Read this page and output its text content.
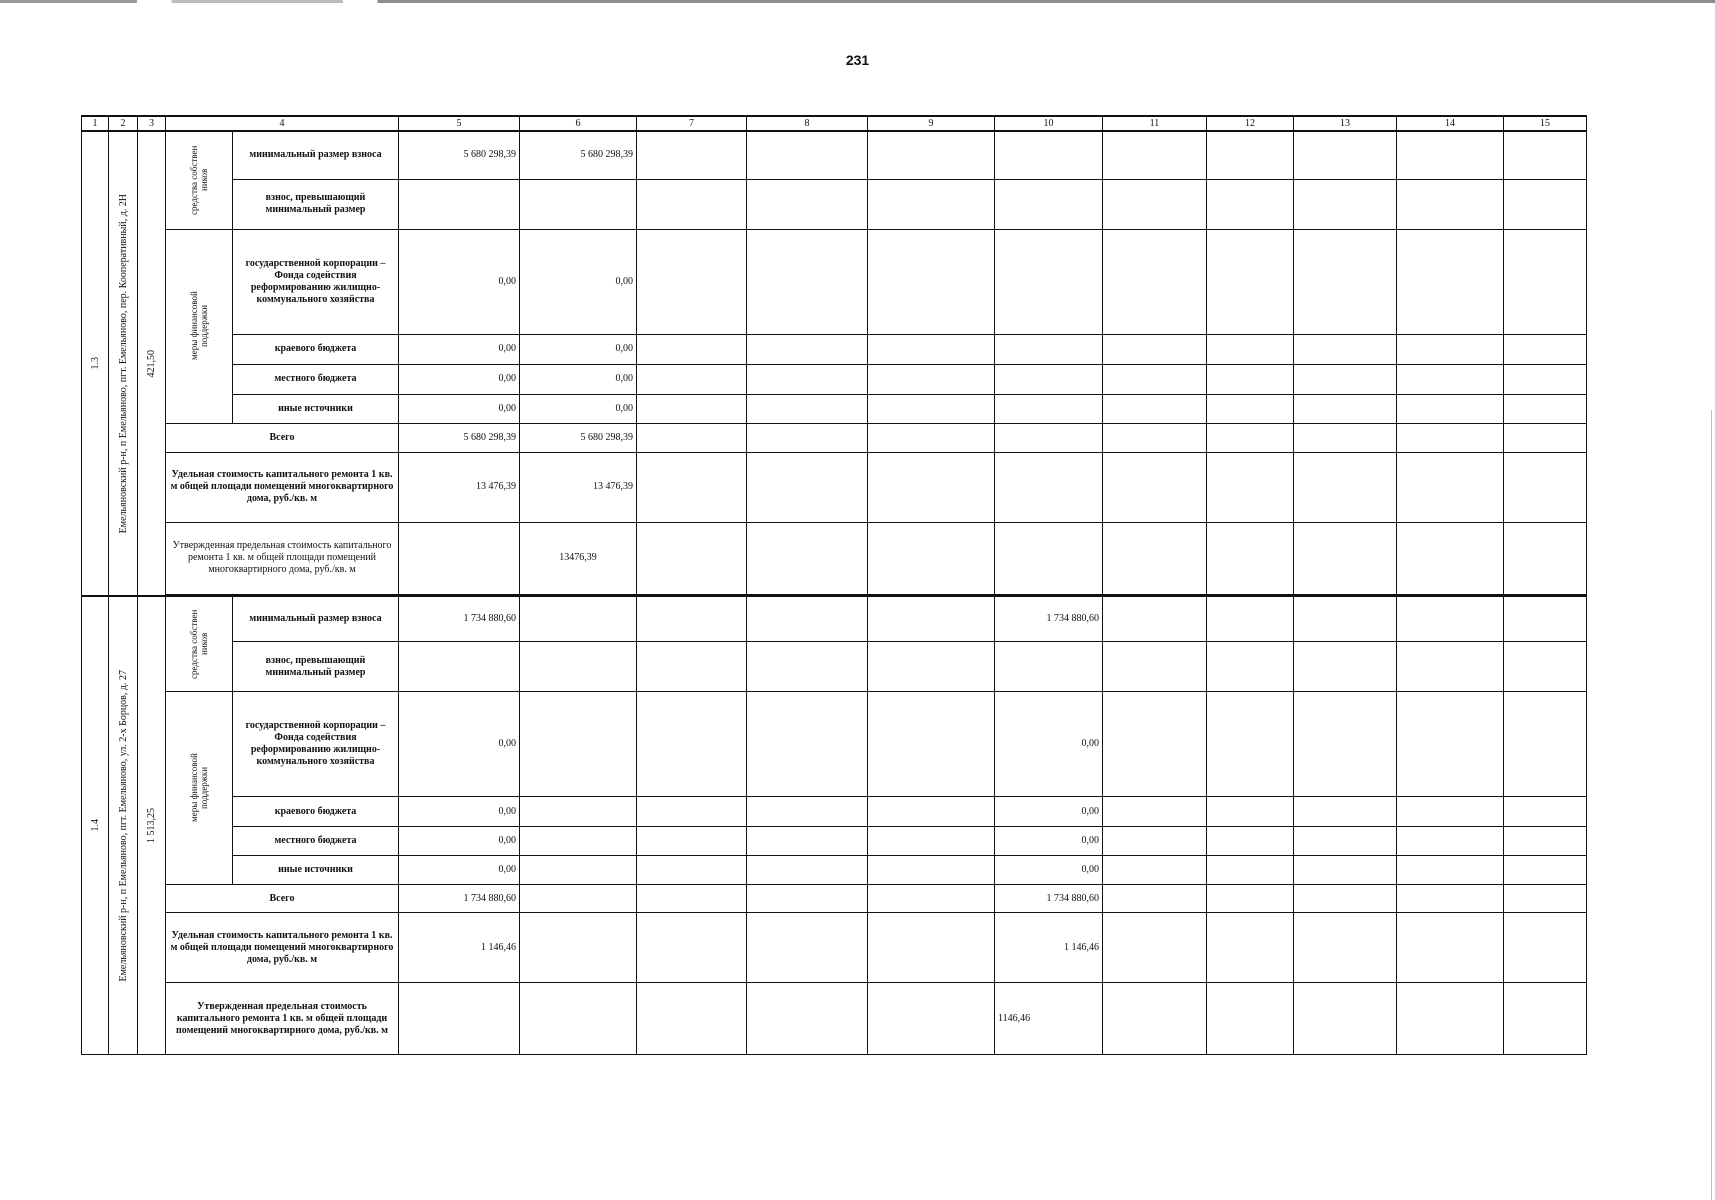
231
1	2	3	4		5	6	7	8	9	10	11	12	13	14	15

1.3	Емельяновский р-н, п Емельяново, пгт. Емельяново, пер. Кооперативный, д. 2Н	421,50	средства собствен ников	минимальный размер взноса	5 680 298,39	5 680 298,39									
				взнос, превышающий минимальный размер											

			меры финансовой поддержки	государственной корпорации – Фонда содействия реформированию жилищно-коммунального хозяйства	0,00	0,00									
				краевого бюджета	0,00	0,00									
				местного бюджета	0,00	0,00									
				иные источники	0,00	0,00									
			Всего		5 680 298,39	5 680 298,39									
			Удельная стоимость капитального ремонта 1 кв. м общей площади помещений многоквартирного дома, руб./кв. м		13 476,39	13 476,39									
			Утвержденная предельная стоимость капитального ремонта 1 кв. м общей площади помещений многоквартирного дома, руб./кв. м			13476,39									

1.4	Емельяновский р-н, п Емельяново, пгт. Емельяново, ул. 2-х Борцов, д. 27	1 513,25	средства собствен ников	минимальный размер взноса	1 734 880,60					1 734 880,60					
				взнос, превышающий минимальный размер											

			меры финансовой поддержки	государственной корпорации – Фонда содействия реформированию жилищно-коммунального хозяйства	0,00					0,00					
				краевого бюджета	0,00					0,00					
				местного бюджета	0,00					0,00					
				иные источники	0,00					0,00					
			Всего		1 734 880,60					1 734 880,60					
			Удельная стоимость капитального ремонта 1 кв. м общей площади помещений многоквартирного дома, руб./кв. м		1 146,46					1 146,46					
			Утвержденная предельная стоимость капитального ремонта 1 кв. м общей площади помещений многоквартирного дома, руб./кв. м							1146,46					
